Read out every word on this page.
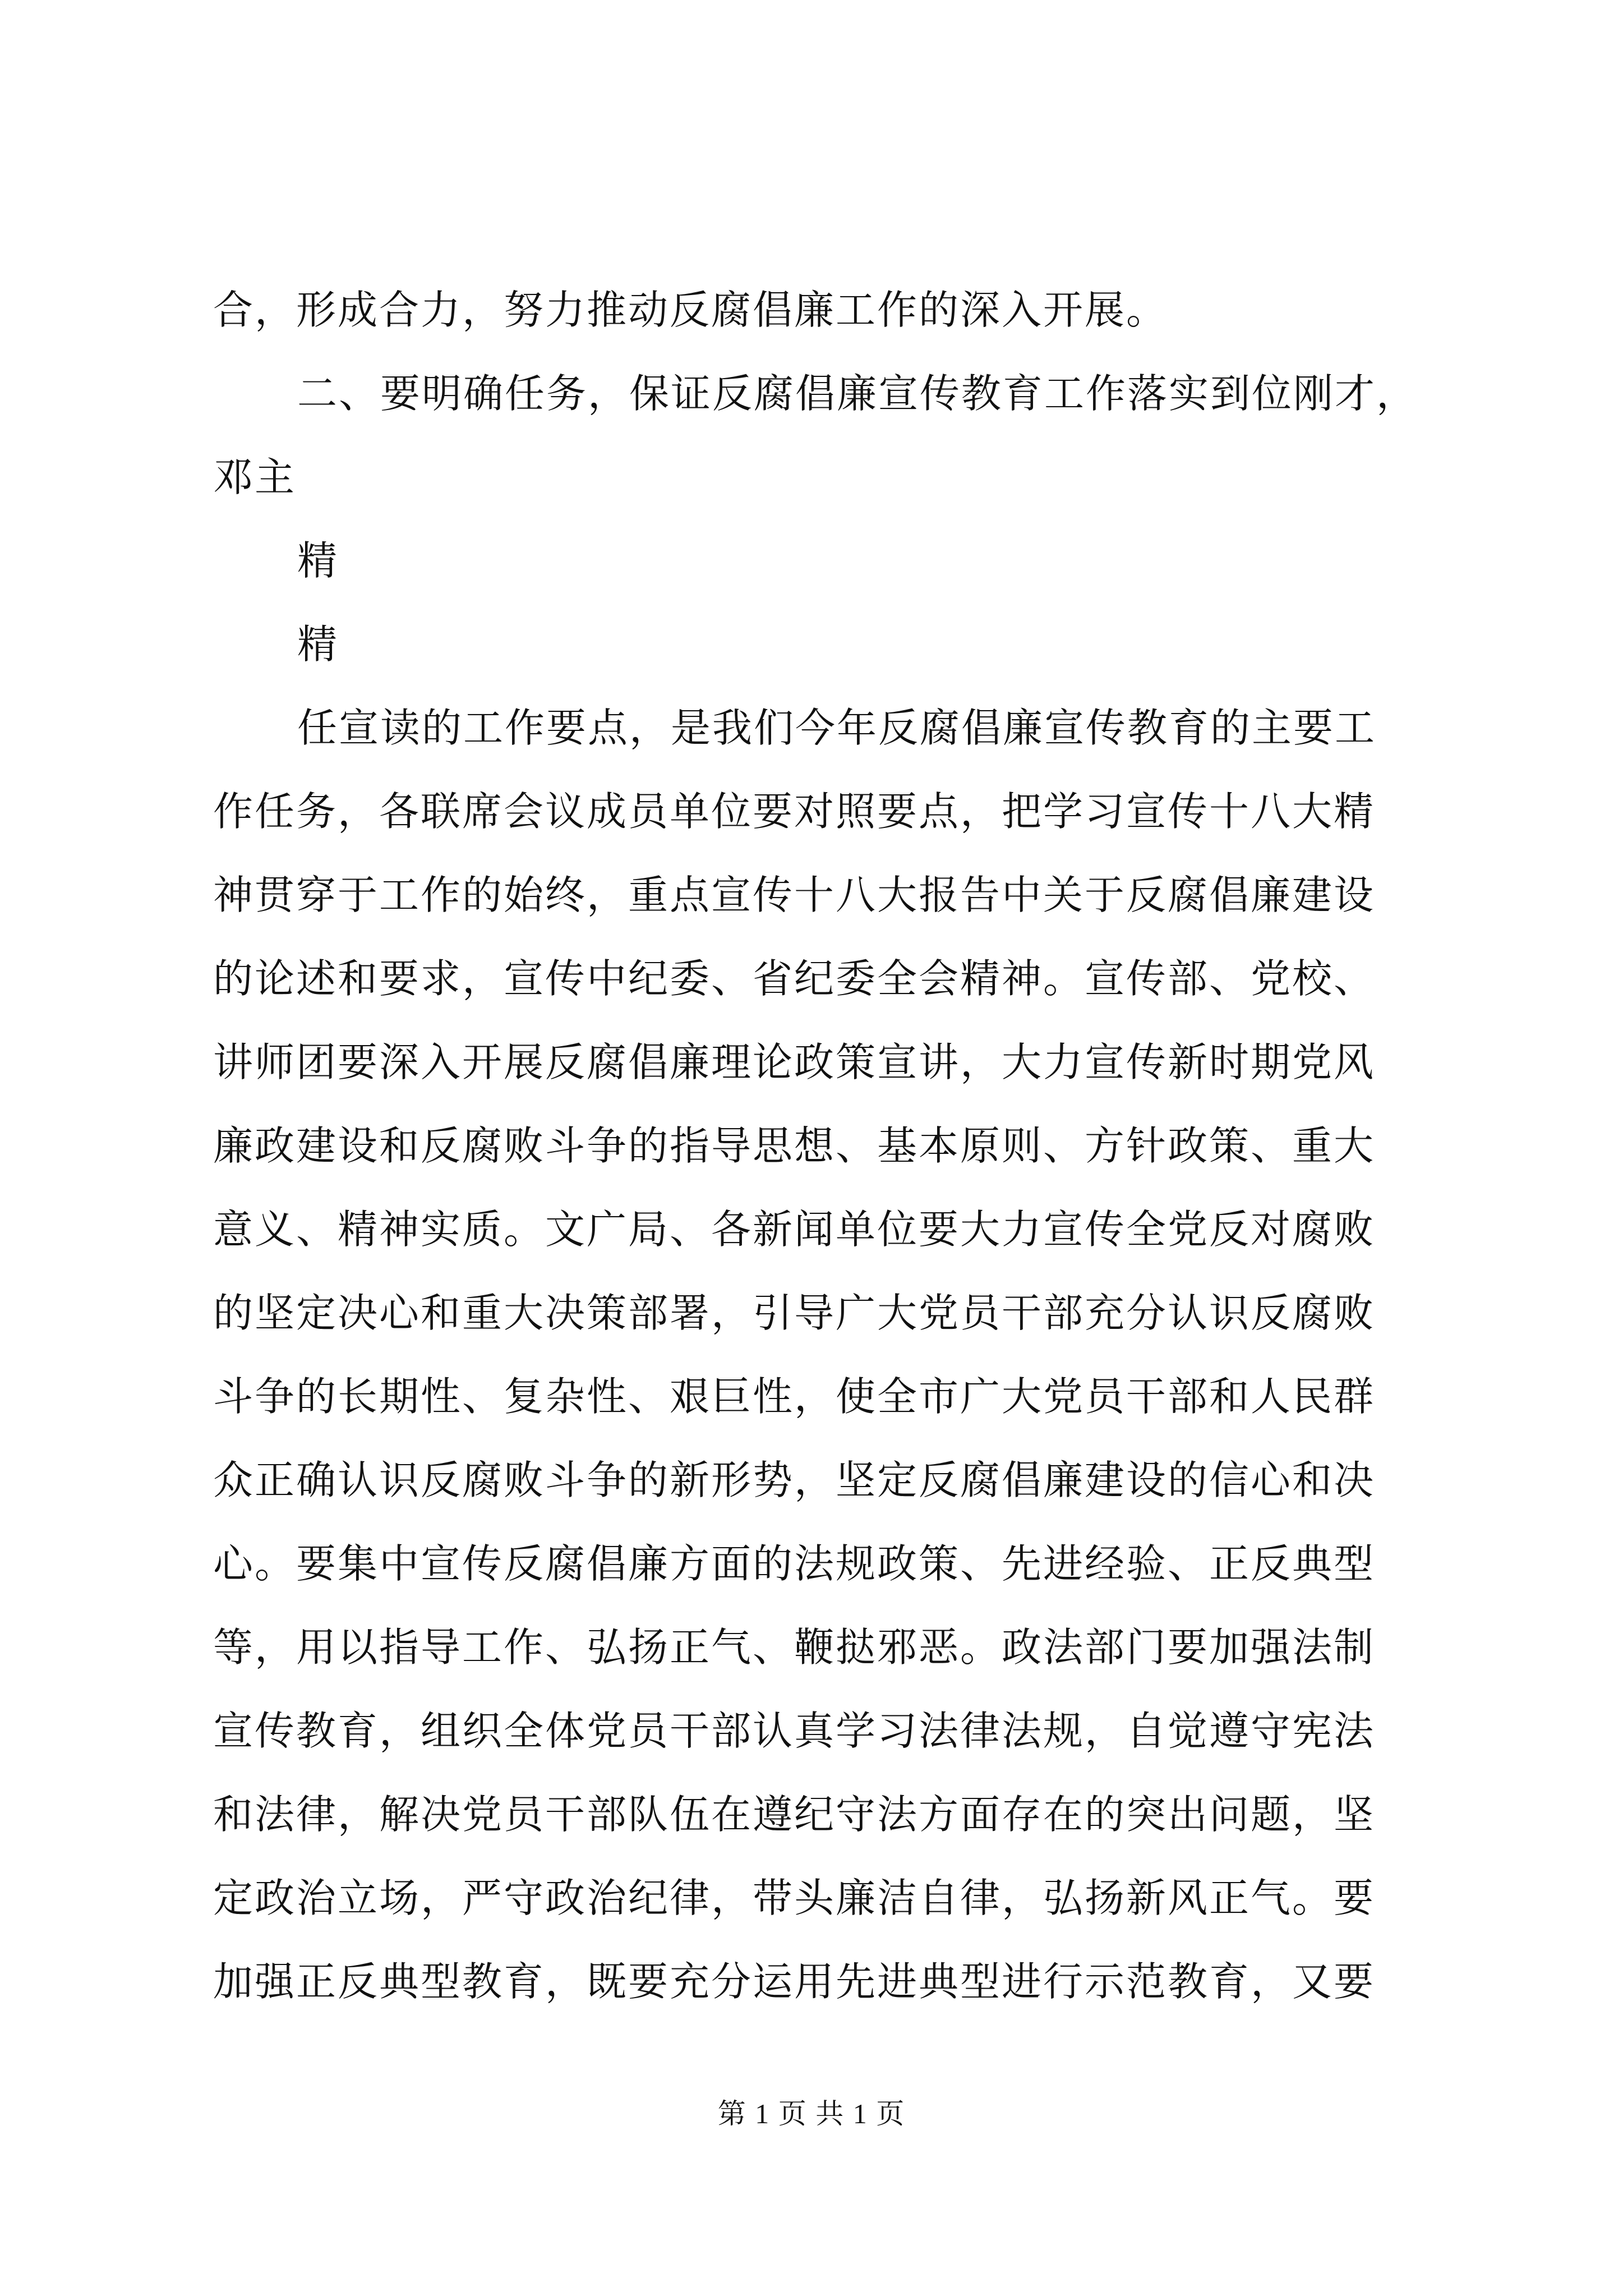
合，形成合力，努力推动反腐倡廉工作的深入开展。
二、要明确任务，保证反腐倡廉宣传教育工作落实到位刚才，
邓主
精
精
任宣读的工作要点，是我们今年反腐倡廉宣传教育的主要工
作任务，各联席会议成员单位要对照要点，把学习宣传十八大精
神贯穿于工作的始终，重点宣传十八大报告中关于反腐倡廉建设
的论述和要求，宣传中纪委、省纪委全会精神。宣传部、党校、
讲师团要深入开展反腐倡廉理论政策宣讲，大力宣传新时期党风
廉政建设和反腐败斗争的指导思想、基本原则、方针政策、重大
意义、精神实质。文广局、各新闻单位要大力宣传全党反对腐败
的坚定决心和重大决策部署，引导广大党员干部充分认识反腐败
斗争的长期性、复杂性、艰巨性，使全市广大党员干部和人民群
众正确认识反腐败斗争的新形势，坚定反腐倡廉建设的信心和决
心。要集中宣传反腐倡廉方面的法规政策、先进经验、正反典型
等，用以指导工作、弘扬正气、鞭挞邪恶。政法部门要加强法制
宣传教育，组织全体党员干部认真学习法律法规，自觉遵守宪法
和法律，解决党员干部队伍在遵纪守法方面存在的突出问题，坚
定政治立场，严守政治纪律，带头廉洁自律，弘扬新风正气。要
加强正反典型教育，既要充分运用先进典型进行示范教育，又要
第 1 页 共 1 页
